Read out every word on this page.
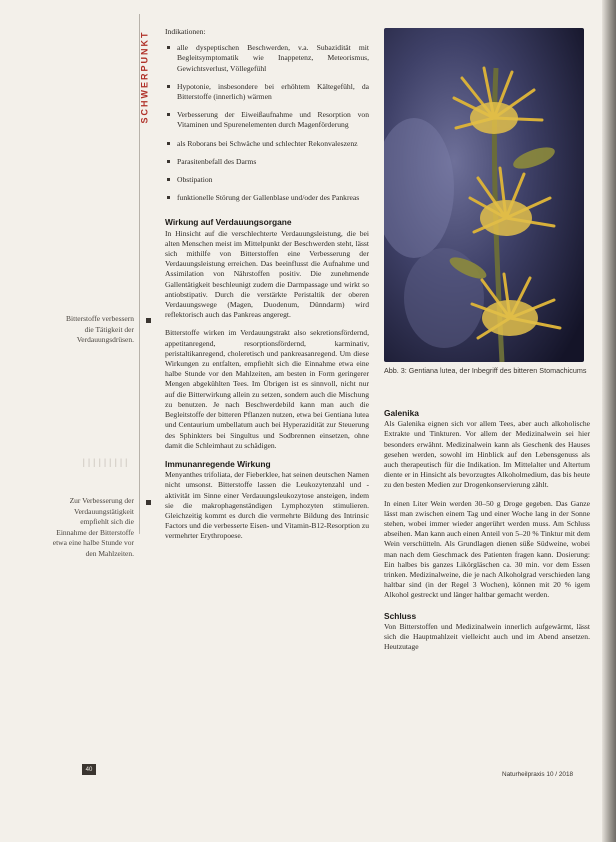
SCHWERPUNKT
Bitterstoffe verbessern die Tätigkeit der Verdauungsdrüsen.
IIIIIIIII
Zur Verbesserung der Verdauungstätigkeit empfiehlt sich die Einnahme der Bitterstoffe etwa eine halbe Stunde vor den Mahlzeiten.
Indikationen:
alle dyspeptischen Beschwerden, v.a. Subazidität mit Begleitsymptomatik wie Inappetenz, Meteorismus, Gewichtsverlust, Völlegefühl
Hypotonie, insbesondere bei erhöhtem Kältegefühl, da Bitterstoffe (innerlich) wärmen
Verbesserung der Eiweißaufnahme und Resorption von Vitaminen und Spurenelementen durch Magenförderung
als Roborans bei Schwäche und schlechter Rekonvaleszenz
Parasitenbefall des Darms
Obstipation
funktionelle Störung der Gallenblase und/oder des Pankreas
Wirkung auf Verdauungsorgane

In Hinsicht auf die verschlechterte Verdauungsleistung, die bei alten Menschen meist im Mittelpunkt der Beschwerden steht, lässt sich mithilfe von Bitterstoffen eine Verbesserung der Verdauungsleistung erreichen. Das beeinflusst die Aufnahme und Assimilation von Nährstoffen positiv. Die zunehmende Gallentätigkeit beschleunigt zudem die Darmpassage und wirkt so antiobstipativ. Durch die verstärkte Peristaltik der oberen Verdauungswege (Magen, Duodenum, Dünndarm) wird reflektorisch auch das Pankreas angeregt.

Bitterstoffe wirken im Verdauungstrakt also sekretionsfördernd, appetitanregend, resorptionsfördernd, karminativ, peristaltikanregend, choleretisch und pankreasanregend. Um diese Wirkungen zu entfalten, empfiehlt sich die Einnahme etwa eine halbe Stunde vor den Mahlzeiten, am besten in Form geringerer Mengen abgekühlten Tees. Im Übrigen ist es sinnvoll, nicht nur auf die Bitterwirkung allein zu setzen, sondern auch die Mischung zu benutzen. Je nach Beschwerdebild kann man auch die Begleitstoffe der bitteren Pflanzen nutzen, etwa bei Gentiana lutea und Centaurium umbellatum auch bei Hyperazidität zur Steuerung des Sphinkters bei Singultus und Sodbrennen einsetzen, ohne damit die Schleimhaut zu schädigen.

Immunanregende Wirkung

Menyanthes trifoliata, der Fieberklee, hat seinen deutschen Namen nicht umsonst. Bitterstoffe lassen die Leukozytenzahl und -aktivität im Sinne einer Verdauungsleukozytose ansteigen, indem sie die makrophagenständigen Lymphozyten stimulieren. Gleichzeitig kommt es durch die vermehrte Bildung des Intrinsic Factors und die verbesserte Eisen- und Vitamin-B12-Resorption zu vermehrter Erythropoese.

Abb. 3: Gentiana lutea, der Inbegriff des bitteren Stomachicums
Galenika

Als Galenika eignen sich vor allem Tees, aber auch alkoholische Extrakte und Tinkturen. Vor allem der Medizinalwein sei hier besonders erwähnt. Medizinalwein kann als Geschenk des Hauses gesehen werden, sowohl im Hinblick auf den Lebensgenuss als auch therapeutisch für die Indikation. Im Mittelalter und Altertum diente er in Hinsicht als bevorzugtes Alkoholmedium, das bis heute zu den besten Medien zur Drogenkonservierung zählt.

In einen Liter Wein werden 30–50 g Droge gegeben. Das Ganze lässt man zwischen einem Tag und einer Woche lang in der Sonne stehen, wobei immer wieder angerührt werden muss. Am Schluss abseihen. Man kann auch einen Anteil von 5–20 % Tinktur mit dem Wein verschütteln. Als Grundlagen dienen süße Südweine, wobei man nach dem Geschmack des Patienten fragen kann. Dosierung: Ein halbes bis ganzes Likörgläschen ca. 30 min. vor dem Essen trinken. Medizinalweine, die je nach Alkoholgrad verschieden lang haltbar sind (in der Regel 3 Wochen), können mit 20 % igem Alkohol gestreckt und länger haltbar gemacht werden.

Schluss

Von Bitterstoffen und Medizinalwein innerlich aufgewärmt, lässt sich die Hauptmahlzeit vielleicht auch und im Abend ansetzen. Heutzutage

40
Naturheilpraxis 10 / 2018
